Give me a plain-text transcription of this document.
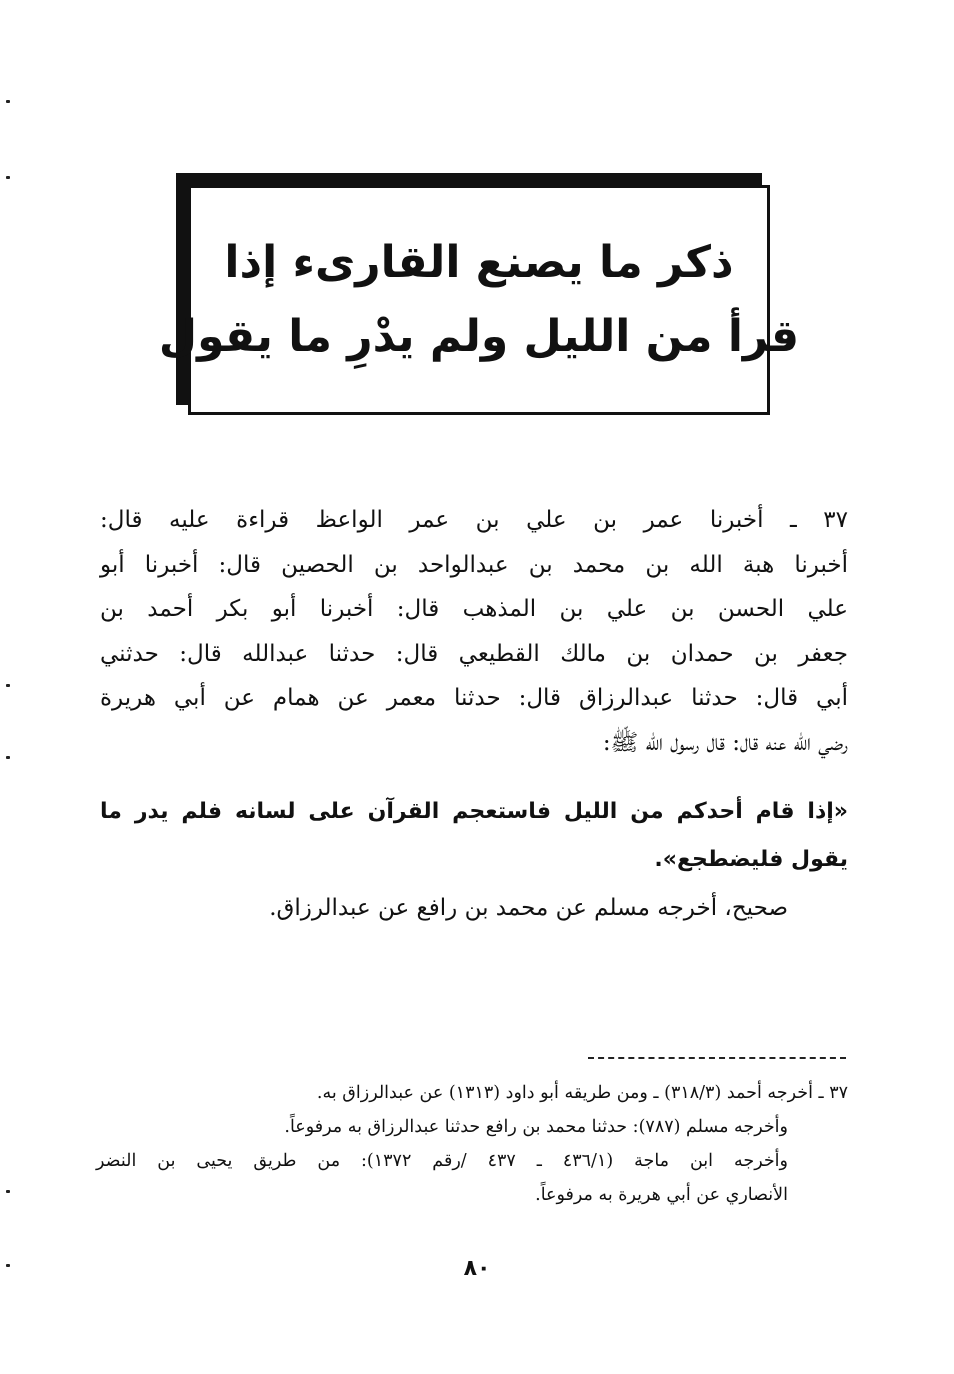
ذكر ما يصنع القارىء إذا
قرأ من الليل ولم يدْرِ ما يقول
٣٧ ـ أخبرنا عمر بن علي بن عمر الواعظ قراءة عليه قال:
أخبرنا هبة الله بن محمد بن عبدالواحد بن الحصين قال: أخبرنا أبو
علي الحسن بن علي بن المذهب قال: أخبرنا أبو بكر أحمد بن
جعفر بن حمدان بن مالك القطيعي قال: حدثنا عبدالله قال: حدثني
أبي قال: حدثنا عبدالرزاق قال: حدثنا معمر عن همام عن أبي هريرة
رضي الله عنه قال: قال رسول الله ﷺ:
«إذا قام أحدكم من الليل فاستعجم القرآن على لسانه فلم يدر ما
يقول فليضطجع».
صحيح، أخرجه مسلم عن محمد بن رافع عن عبدالرزاق.
٣٧ ـ أخرجه أحمد (٣١٨/٣) ـ ومن طريقه أبو داود (١٣١٣) عن عبدالرزاق به.
وأخرجه مسلم (٧٨٧): حدثنا محمد بن رافع حدثنا عبدالرزاق به مرفوعاً.
وأخرجه ابن ماجة (٤٣٦/١ ـ ٤٣٧ /رقم ١٣٧٢): من طريق يحيى بن النضر
الأنصاري عن أبي هريرة به مرفوعاً.
٨٠
